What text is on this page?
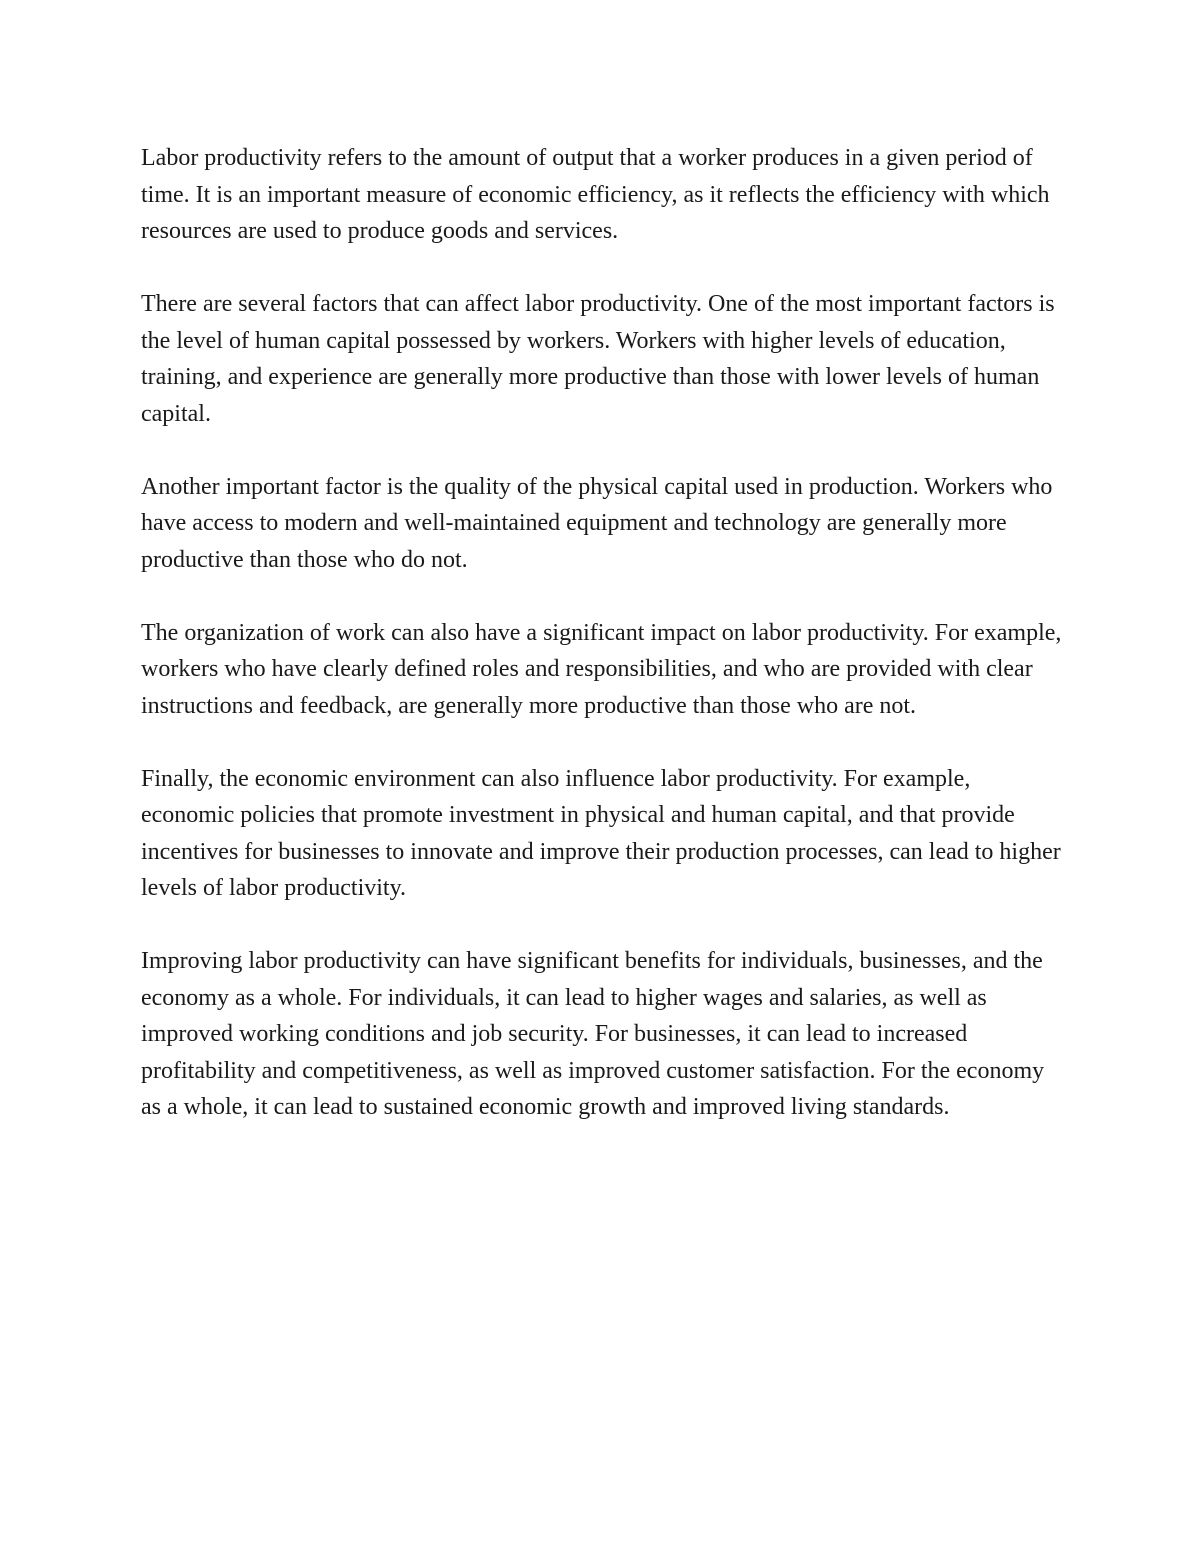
Labor productivity refers to the amount of output that a worker produces in a given period of time. It is an important measure of economic efficiency, as it reflects the efficiency with which resources are used to produce goods and services.

There are several factors that can affect labor productivity. One of the most important factors is the level of human capital possessed by workers. Workers with higher levels of education, training, and experience are generally more productive than those with lower levels of human capital.

Another important factor is the quality of the physical capital used in production. Workers who have access to modern and well-maintained equipment and technology are generally more productive than those who do not.

The organization of work can also have a significant impact on labor productivity. For example, workers who have clearly defined roles and responsibilities, and who are provided with clear instructions and feedback, are generally more productive than those who are not.

Finally, the economic environment can also influence labor productivity. For example, economic policies that promote investment in physical and human capital, and that provide incentives for businesses to innovate and improve their production processes, can lead to higher levels of labor productivity.

Improving labor productivity can have significant benefits for individuals, businesses, and the economy as a whole. For individuals, it can lead to higher wages and salaries, as well as improved working conditions and job security. For businesses, it can lead to increased profitability and competitiveness, as well as improved customer satisfaction. For the economy as a whole, it can lead to sustained economic growth and improved living standards.
